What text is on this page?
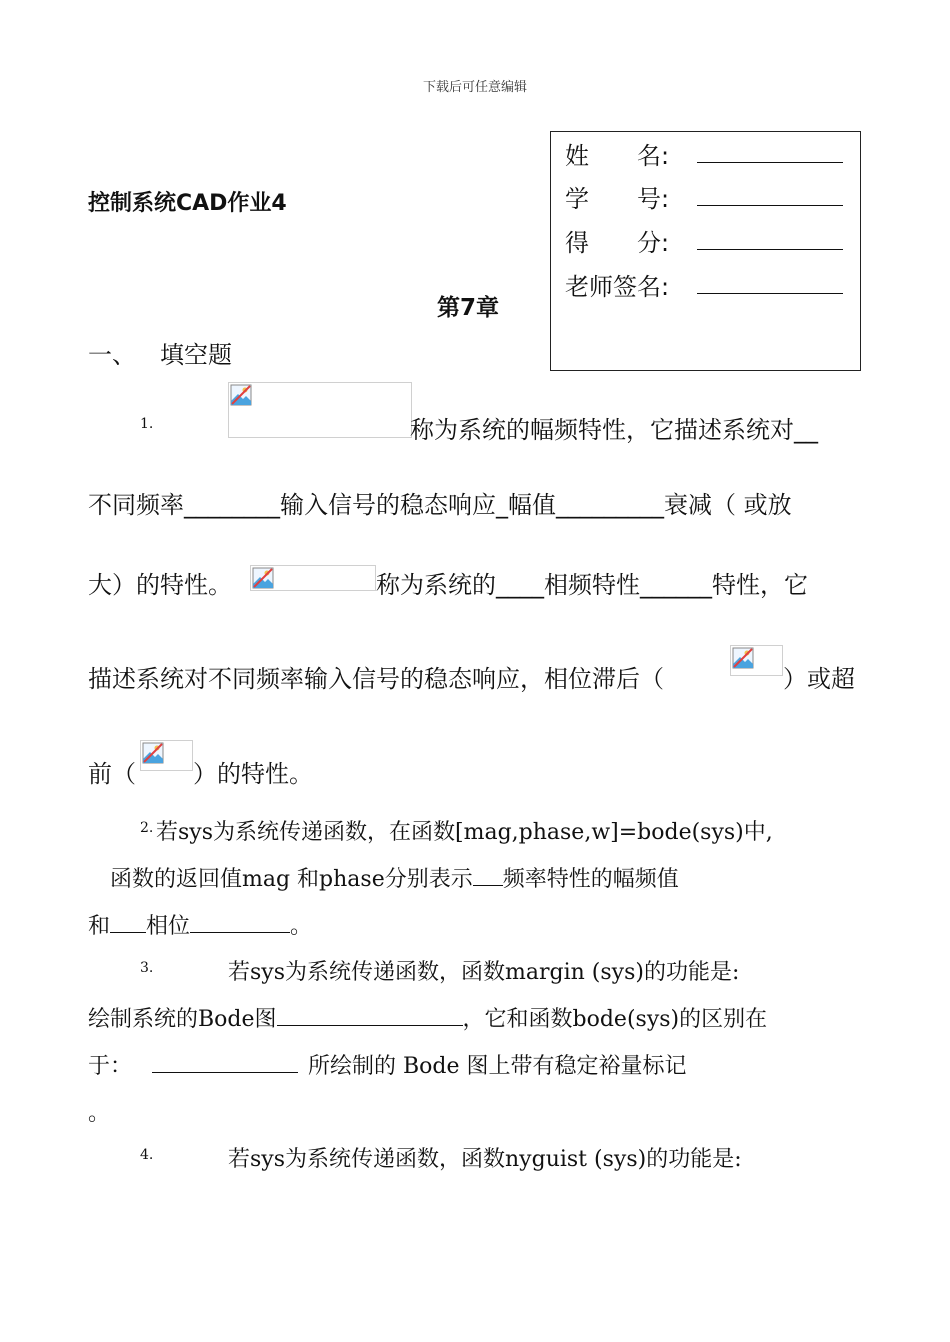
下载后可任意编辑
控制系统CAD作业4
姓　　名:
学　　号:
得　　分:
老师签名:
第7章
一、 填空题
1.	称为系统的幅频特性，它描述系统对__
不同频率________输入信号的稳态响应_幅值_________衰减（ 或放
大）的特性。	称为系统的____相频特性______特性，它
描述系统对不同频率输入信号的稳态响应，相位滞后（	）或超
前（ ）的特性。
2. 若sys为系统传递函数，在函数[mag,phase,w]=bode(sys)中,
函数的返回值mag 和phase分别表示 频率特性的幅频值
和 相位	。
3.	若sys为系统传递函数，函数margin (sys)的功能是:
绘制系统的Bode图	，它和函数bode(sys)的区别在
于：	所绘制的 Bode 图上带有稳定裕量标记
。
4.	若sys为系统传递函数，函数nyguist (sys)的功能是:
